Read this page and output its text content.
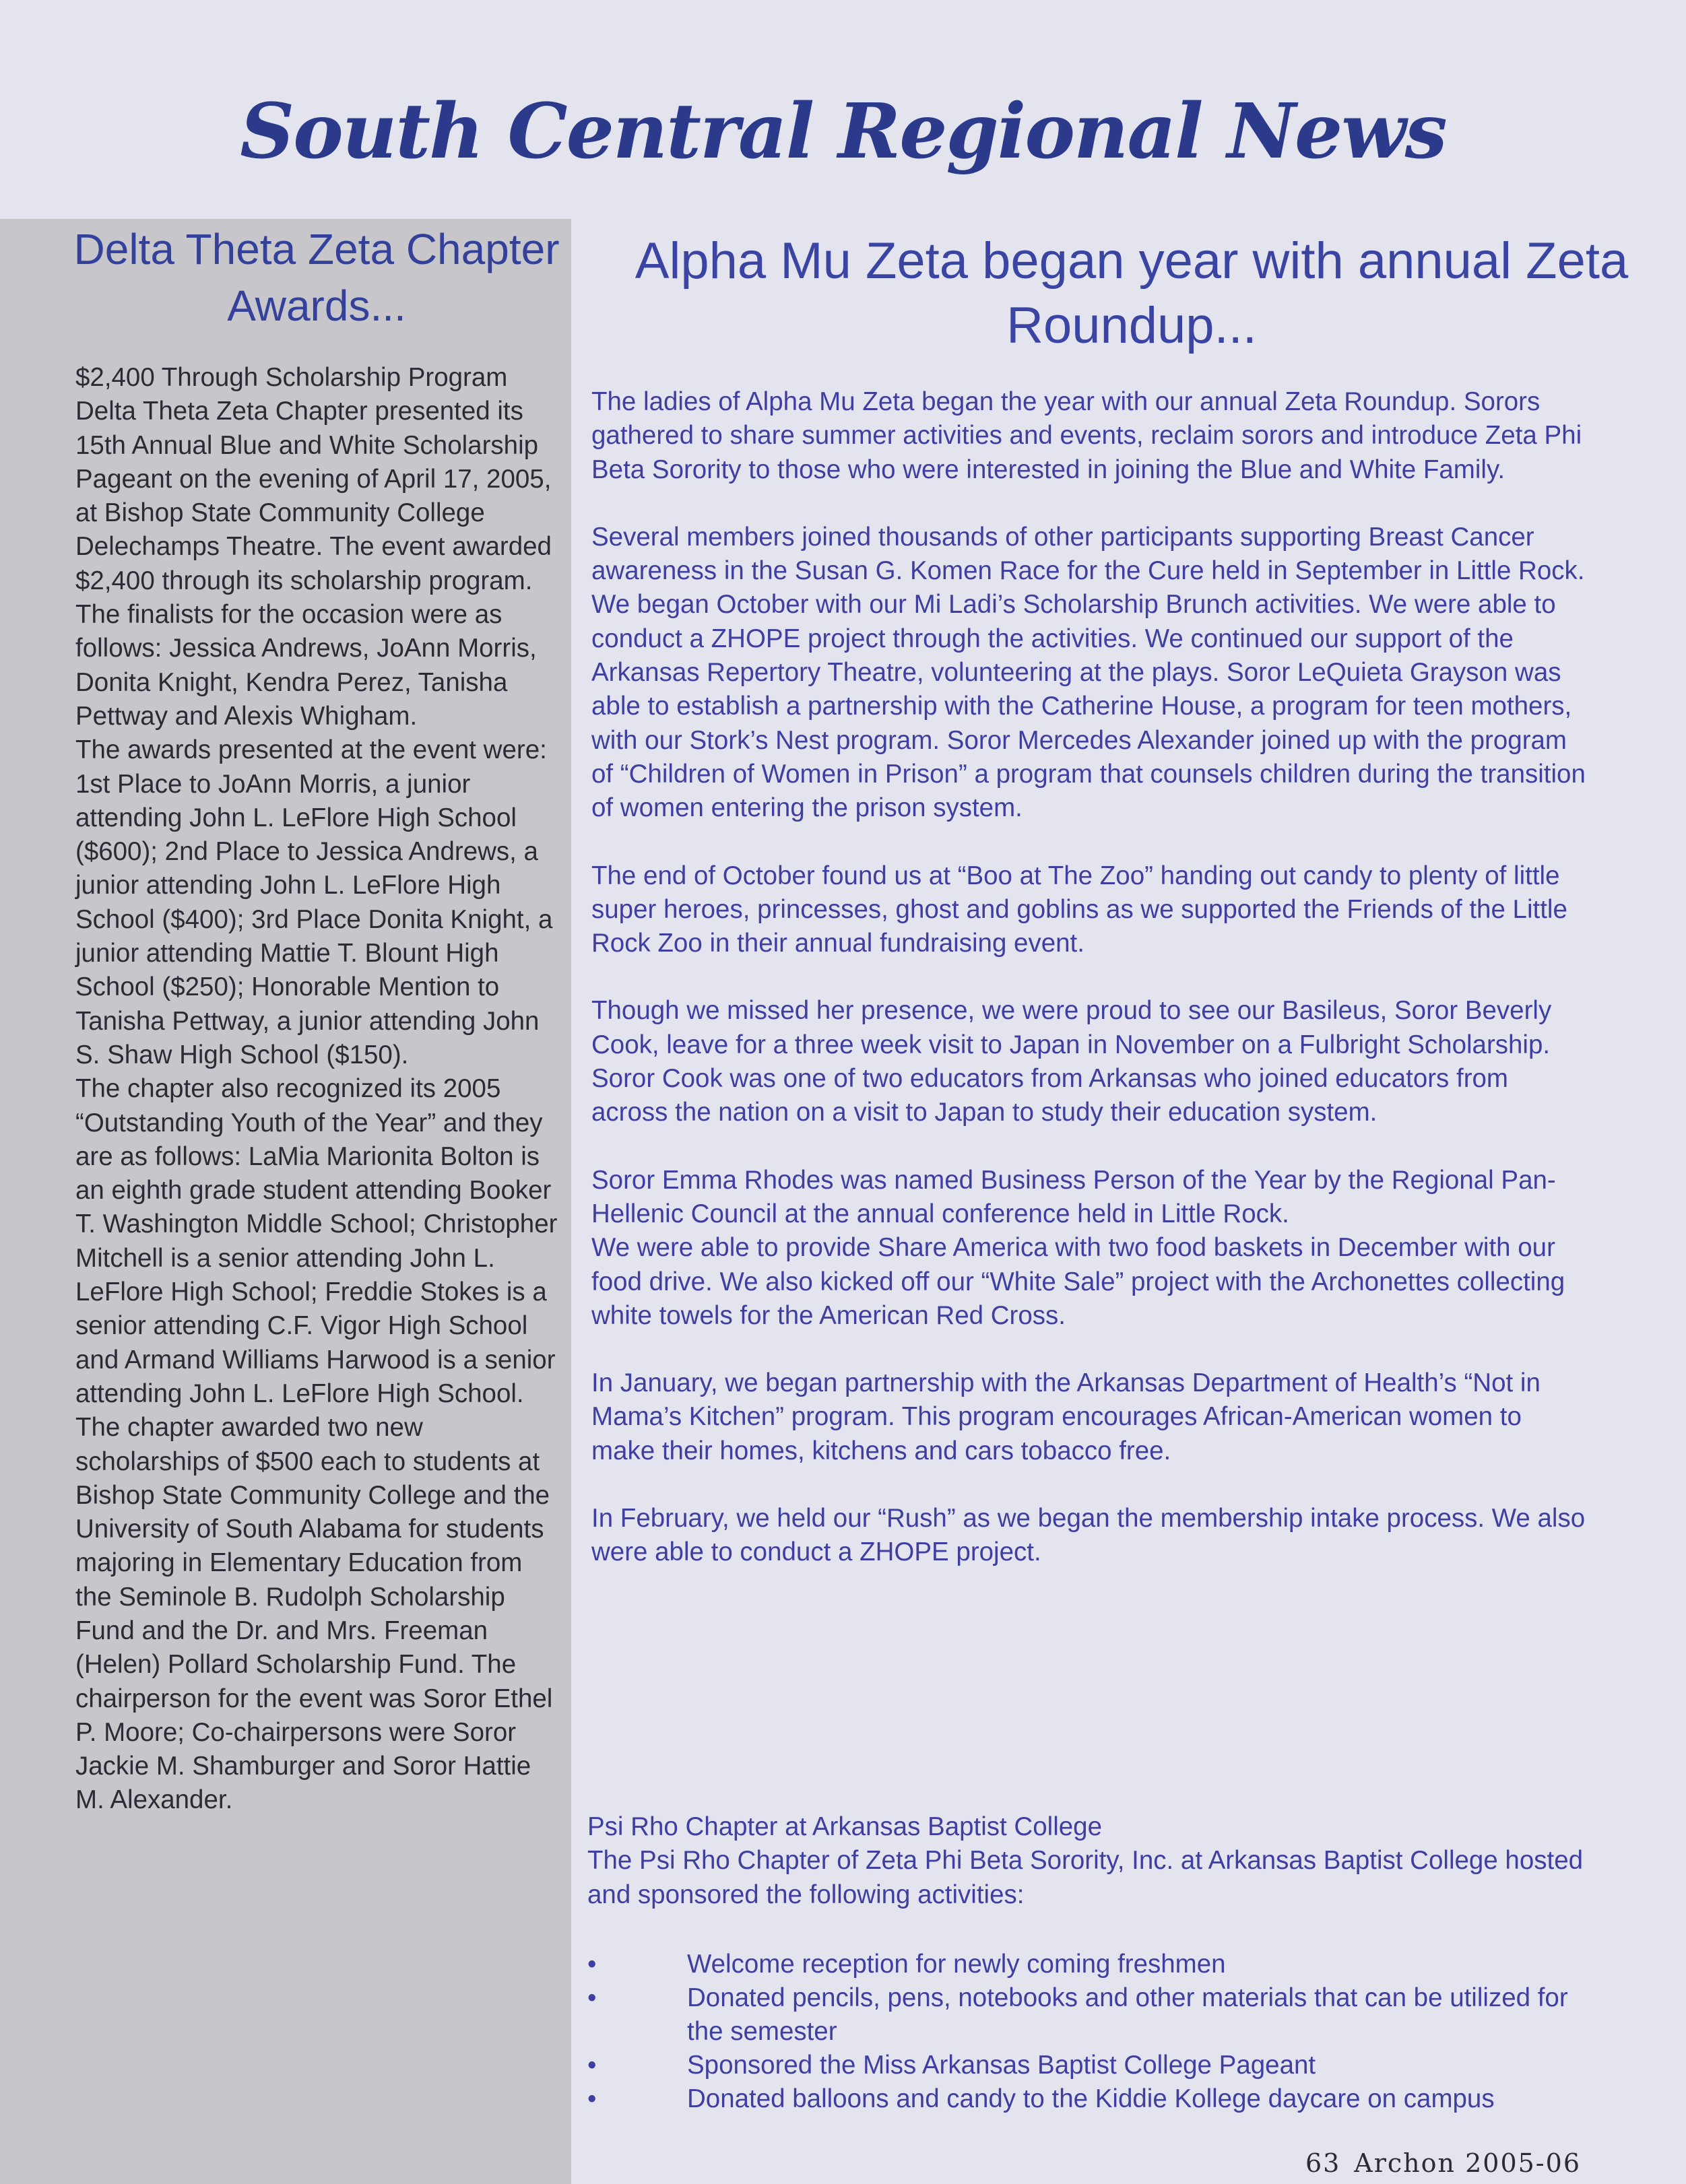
South Central Regional News
Delta Theta Zeta Chapter Awards...

$2,400 Through Scholarship Program Delta Theta Zeta Chapter presented its 15th Annual Blue and White Scholarship Pageant on the evening of April 17, 2005, at Bishop State Community College Delechamps Theatre. The event awarded $2,400 through its scholarship program. The finalists for the occasion were as follows: Jessica Andrews, JoAnn Morris, Donita Knight, Kendra Perez, Tanisha Pettway and Alexis Whigham.

The awards presented at the event were: 1st Place to JoAnn Morris, a junior attending John L. LeFlore High School ($600); 2nd Place to Jessica Andrews, a junior attending John L. LeFlore High School ($400); 3rd Place Donita Knight, a junior attending Mattie T. Blount High School ($250); Honorable Mention to Tanisha Pettway, a junior attending John S. Shaw High School ($150).

The chapter also recognized its 2005 “Outstanding Youth of the Year” and they are as follows: LaMia Marionita Bolton is an eighth grade student attending Booker T. Washington Middle School; Christopher Mitchell is a senior attending John L. LeFlore High School; Freddie Stokes is a senior attending C.F. Vigor High School and Armand Williams Harwood is a senior attending John L. LeFlore High School.

The chapter awarded two new scholarships of $500 each to students at Bishop State Community College and the University of South Alabama for students majoring in Elementary Education from the Seminole B. Rudolph Scholarship Fund and the Dr. and Mrs. Freeman (Helen) Pollard Scholarship Fund. The chairperson for the event was Soror Ethel P. Moore; Co-chairpersons were Soror Jackie M. Shamburger and Soror Hattie M. Alexander.

Alpha Mu Zeta began year with annual Zeta Roundup...

The ladies of Alpha Mu Zeta began the year with our annual Zeta Roundup. Sorors gathered to share summer activities and events, reclaim sorors and introduce Zeta Phi Beta Sorority to those who were interested in joining the Blue and White Family.

Several members joined thousands of other participants supporting Breast Cancer awareness in the Susan G. Komen Race for the Cure held in September in Little Rock.

We began October with our Mi Ladi’s Scholarship Brunch activities. We were able to conduct a ZHOPE project through the activities. We continued our support of the Arkansas Repertory Theatre, volunteering at the plays. Soror LeQuieta Grayson was able to establish a partnership with the Catherine House, a program for teen mothers, with our Stork’s Nest program. Soror Mercedes Alexander joined up with the program of “Children of Women in Prison” a program that counsels children during the transition of women entering the prison system.

The end of October found us at “Boo at The Zoo” handing out candy to plenty of little super heroes, princesses, ghost and goblins as we supported the Friends of the Little Rock Zoo in their annual fundraising event.

Though we missed her presence, we were proud to see our Basileus, Soror Beverly Cook, leave for a three week visit to Japan in November on a Fulbright Scholarship. Soror Cook was one of two educators from Arkansas who joined educators from across the nation on a visit to Japan to study their education system.

Soror Emma Rhodes was named Business Person of the Year by the Regional Pan-Hellenic Council at the annual conference held in Little Rock.

We were able to provide Share America with two food baskets in December with our food drive. We also kicked off our “White Sale” project with the Archonettes collecting white towels for the American Red Cross.

In January, we began partnership with the Arkansas Department of Health’s “Not in Mama’s Kitchen” program. This program encourages African-American women to make their homes, kitchens and cars tobacco free.

In February, we held our “Rush” as we began the membership intake process. We also were able to conduct a ZHOPE project.

Psi Rho Chapter at Arkansas Baptist College

The Psi Rho Chapter of Zeta Phi Beta Sorority, Inc. at Arkansas Baptist College hosted and sponsored the following activities:

•	Welcome reception for newly coming freshmen
•	Donated pencils, pens, notebooks and other materials that can be utilized for the semester
•	Sponsored the Miss Arkansas Baptist College Pageant
•	Donated balloons and candy to the Kiddie Kollege daycare on campus
63 Archon 2005-06
